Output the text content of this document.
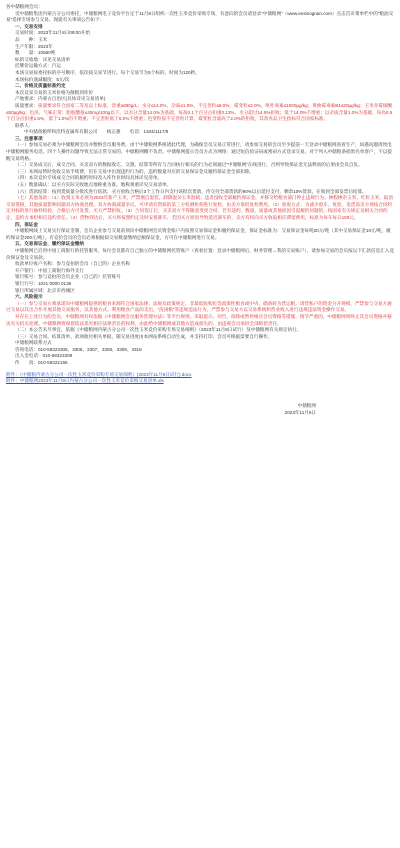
各中储粮网会员：

受中储粮集团内蒙古分公司委托，中储粮网电子竞价平台定于11月8日组织一次性玉米竞价采购专场，有意向的会员请登录“中储粮网”（www.ensinograin.com）点击首页菜单栏中的“粮油交易”选择专场参与交易。现就有关事项公告如下：

一、交易安排

交易时间：2023年11月8日09:00开始

品　　种：玉米

生产年限：2023年

数　　量：10560吨

标的交收地：详见交易清单

挂牌价运输方式：汽运

本场交易按委托标的序号顺序，依次按交易节进行。每个交易节为5个标的，时间为120秒。

本场标价递减幅度：5元/次

二、价格及质量标准约定

本次竞采交易的玉米价格为散粮到库价

产地要求：内蒙古自治区(具体详见交易清单)

质量要求：质量要求符合国家二等及以上标准，容重≥690g/L；水分≤14.0%，杂质≤1.0%，不完善粒≤6.0%，霉变粒≤2.0%，呕吐毒素≤1000μg/kg；黄曲霉毒素B1≤20μg/kg；玉米赤霉烯酮≤60μg/kg；色泽、气味正常；脂肪酸值≤40mg/100g以下。以水分含量14.0%为基础，每高0.1个百分点扣重0.13%，水分超过14.5%拒收；低于14.0%不增重；以杂质含量1.0%为基础，每高0.5个百分点扣重1.5%，低于1.0%的不增重；不完善粒低于6.0%不增重；色变粒按不完善粒计算，霉变粒含量高于2.0%的拒收，其余食品卫生指标符合国家标准。

联系人：

中央储备粮呼和浩特直属库有限公司　　杨志强　　电话：1334/1117/9

三、注意事项

（一）参加交易必须为中储粮网会员并缴纳会员服务费，由于中储粮网系统诸此代理，为确保会员交易正常进行，请参加交易的会员至少提前一天登录中储粮网查看生产，如遇问题请致电中储粮网服务电话。四个人操作问题导致无法正常交易的，中储粮网概不负责。中储粮网提示会员方式为网络：通过短信验证码或密码方式登录交易。对于列入中储粮条损黑名单客户，不以提醒交易资格。

（二）交易成交后，成交合同、买卖双方的数据收讫、交割、结算等所有与合同执行相关的行为必须通过“中储粮网”在线进行，否则导致保证金无法释放的后果由会员自负。

（三）本网站暂时免收交易手续费，但在交易中出现违约行为的，违约数量对应的交易保证金及履约保证金全部扣除。

（四）本次竞价专场成交合同的履约时间及入库作业时间具体详见清单。

（五）数量确认：以买方实际交收地点地称重为准。地称须重详见交易清单。

（六）货款结算：按到货质量分批次进行结款，买方验收合格后3个工作日内支付该批次货款，待交付全部货款的90%以后延付支付，剩余10%货款，在收到全部发票后结算。

（七）其他条款：（1）收到玉米必须为2023年新产玉米，严禁擅自混装，卸降混杂玉米混载；违者没收全部履约保证金，并移交给粮食部门停止违规行为。掺假掺杂玉米、红粒玉米，取消交易资格，其他质量影响问题双方协商处理，双方协商减量争议，可申请有资质的第三方检测机构进行复检，由卖方承担复检费用。（2）验收方式：为减少验车、复检，发货前卖方须按合同约定对标的进行抽样检验，合格后方可发货，买方严禁拒收。（3）合同签订后，买卖双方不得随意变更合同，若有违约，数量、质量或其他原因引起履约问题的，按国家有关规定及相关合同约定，违约方承担相应违约责任。（4）货物到达后，买方将按照约定及时安排卸车，若因买方原因导致延迟卸车的，卖方有权向买方收取相应滞留费用，标准为每车每日100元。

四、保证金

中储粮网线上交易实行保证金制，会员企业参与交易前须向中储粮网会员资金账户内按照交易保证金和履约保证金，保证金标准为：交易保证金每吨20元/吨（其中交易保证金10元/吨，履约保证金200元/吨）。有竞价会员的会员必须根据拟交易数量缴纳足额保证金，方可在中储粮网进行交易。

五、交易保证金、履约保证金缴纳

中储粮网已启用中国工商银行的托管服务，每位会员都有自己独立的中储粮网托管账户（查看位置：登录中储粮网后，财务管理→我的交易账户），请参加交易的会员按以下汇款信息汇入竞价保证金及交易款。

收款单位账户名称：参与竞拍的会员（自己的）企业名称

开户银行：中国工商银行海外支行

银行账号：参与竞拍的会员企业（自己的）托管账号

银行行号：1021 0000 0136

银行所属区域：北京市西城区

六、风险提示

（一）参与交易方须承诺向中储粮网提供的粮食来源符合国家法律、法规及政策规定，非最低收购价等政策性粮食或中央、储备转为营运粮。请营账户的资金分开规模，严禁参与交易方通过交易以其出合作开展其他交易服务，以其他方式、利用粮食产品的支出，“洗国粮”等违规违法行为，严禁参与交易方以交易系统和营业收入进行违规违法资金操作交易。

对存在上述行为的会员，中储粮网有权依据《中储粮网会员服务管理办法》等平台规则，采取提示、劝告、扣除或暂停相应会员资格等措施，情节严重的，中储粮网将终止其会员资格并移送有关机关处理。中储粮网将保留依法追究相应法律责任的权利，由此给中储粮网或其他方造成损失的，由违规会员承担全部赔偿责任。

（二）本公告未尽事宜，依据《中储粮网内蒙古分公司一次性玉米竞价采购专场交易细则》（2023年11月8日试行）及中储粮网有关规定执行。

（三）交易合同、结算清单、款项收付相关单据，随交易进度由本网站系统自动生成，并支持打印，会员可根据需要自行操作。

中储粮网联系方式

咨询电话：010-59323305、3306、3307、3308、3309、3318

出入金电话：010-59323308

传　　真：010-59322166

附件：《中储粮内蒙古分公司一次性玉米竞价采购专场交易细则》(2023年11月8日试行).docx
附件：中储粮网2023年11月8日内蒙古分公司一次性玉米竞价采购交易清单.xls

中储粮网

2023年11月6日
